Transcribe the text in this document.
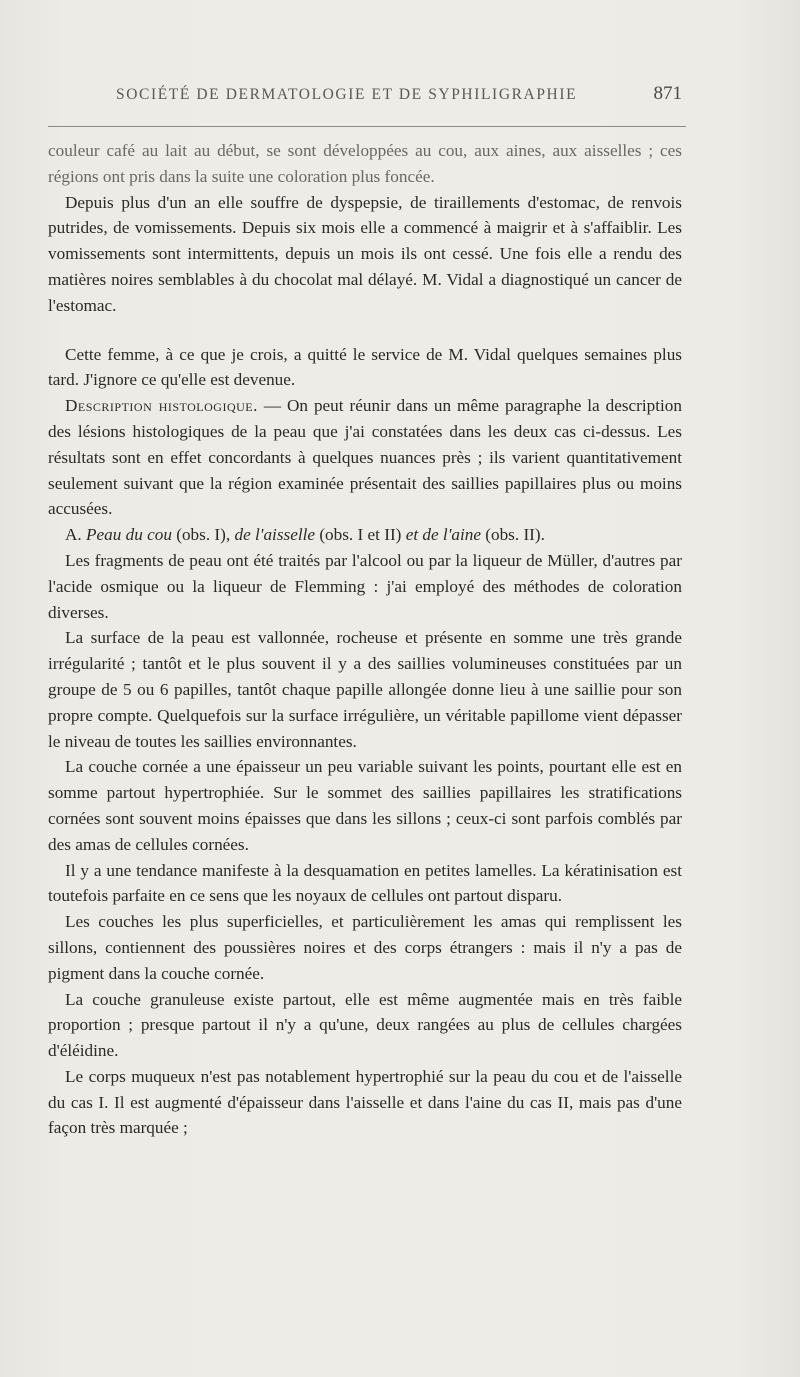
SOCIÉTÉ DE DERMATOLOGIE ET DE SYPHILIGRAPHIE	871

couleur café au lait au début, se sont développées au cou, aux aines, aux aisselles ; ces régions ont pris dans la suite une coloration plus foncée.

Depuis plus d'un an elle souffre de dyspepsie, de tiraillements d'estomac, de renvois putrides, de vomissements. Depuis six mois elle a commencé à maigrir et à s'affaiblir. Les vomissements sont intermittents, depuis un mois ils ont cessé. Une fois elle a rendu des matières noires semblables à du chocolat mal délayé. M. Vidal a diagnostiqué un cancer de l'estomac.

Cette femme, à ce que je crois, a quitté le service de M. Vidal quelques semaines plus tard. J'ignore ce qu'elle est devenue.

Description histologique. — On peut réunir dans un même paragraphe la description des lésions histologiques de la peau que j'ai constatées dans les deux cas ci-dessus. Les résultats sont en effet concordants à quelques nuances près ; ils varient quantitativement seulement suivant que la région examinée présentait des saillies papillaires plus ou moins accusées.

A. Peau du cou (obs. I), de l'aisselle (obs. I et II) et de l'aine (obs. II).

Les fragments de peau ont été traités par l'alcool ou par la liqueur de Müller, d'autres par l'acide osmique ou la liqueur de Flemming : j'ai employé des méthodes de coloration diverses.

La surface de la peau est vallonnée, rocheuse et présente en somme une très grande irrégularité ; tantôt et le plus souvent il y a des saillies volumineuses constituées par un groupe de 5 ou 6 papilles, tantôt chaque papille allongée donne lieu à une saillie pour son propre compte. Quelquefois sur la surface irrégulière, un véritable papillome vient dépasser le niveau de toutes les saillies environnantes.

La couche cornée a une épaisseur un peu variable suivant les points, pourtant elle est en somme partout hypertrophiée. Sur le sommet des saillies papillaires les stratifications cornées sont souvent moins épaisses que dans les sillons ; ceux-ci sont parfois comblés par des amas de cellules cornées.

Il y a une tendance manifeste à la desquamation en petites lamelles. La kératinisation est toutefois parfaite en ce sens que les noyaux de cellules ont partout disparu.

Les couches les plus superficielles, et particulièrement les amas qui remplissent les sillons, contiennent des poussières noires et des corps étrangers : mais il n'y a pas de pigment dans la couche cornée.

La couche granuleuse existe partout, elle est même augmentée mais en très faible proportion ; presque partout il n'y a qu'une, deux rangées au plus de cellules chargées d'éléidine.

Le corps muqueux n'est pas notablement hypertrophié sur la peau du cou et de l'aisselle du cas I. Il est augmenté d'épaisseur dans l'aisselle et dans l'aine du cas II, mais pas d'une façon très marquée ;
